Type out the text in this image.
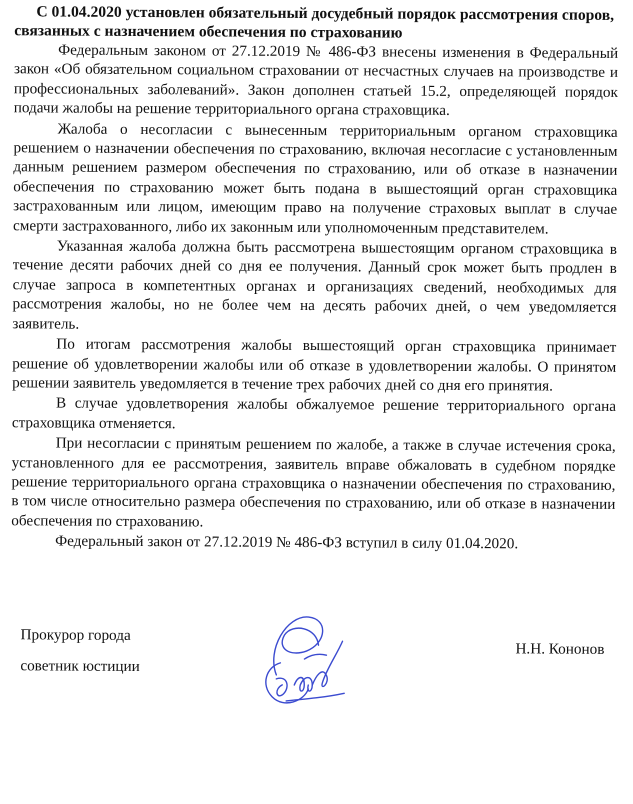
С 01.04.2020 установлен обязательный досудебный порядок рассмотрения споров, связанных с назначением обеспечения по страхованию

Федеральным законом от 27.12.2019 № 486-ФЗ внесены изменения в Федеральный закон «Об обязательном социальном страховании от несчастных случаев на производстве и профессиональных заболеваний». Закон дополнен статьей 15.2, определяющей порядок подачи жалобы на решение территориального органа страховщика.

Жалоба о несогласии с вынесенным территориальным органом страховщика решением о назначении обеспечения по страхованию, включая несогласие с установленным данным решением размером обеспечения по страхованию, или об отказе в назначении обеспечения по страхованию может быть подана в вышестоящий орган страховщика застрахованным или лицом, имеющим право на получение страховых выплат в случае смерти застрахованного, либо их законным или уполномоченным представителем.

Указанная жалоба должна быть рассмотрена вышестоящим органом страховщика в течение десяти рабочих дней со дня ее получения. Данный срок может быть продлен в случае запроса в компетентных органах и организациях сведений, необходимых для рассмотрения жалобы, но не более чем на десять рабочих дней, о чем уведомляется заявитель.

По итогам рассмотрения жалобы вышестоящий орган страховщика принимает решение об удовлетворении жалобы или об отказе в удовлетворении жалобы. О принятом решении заявитель уведомляется в течение трех рабочих дней со дня его принятия.

В случае удовлетворения жалобы обжалуемое решение территориального органа страховщика отменяется.

При несогласии с принятым решением по жалобе, а также в случае истечения срока, установленного для ее рассмотрения, заявитель вправе обжаловать в судебном порядке решение территориального органа страховщика о назначении обеспечения по страхованию, в том числе относительно размера обеспечения по страхованию, или об отказе в назначении обеспечения по страхованию.

Федеральный закон от 27.12.2019 № 486-ФЗ вступил в силу 01.04.2020.

Прокурор города
советник юстиции
Н.Н. Кононов
